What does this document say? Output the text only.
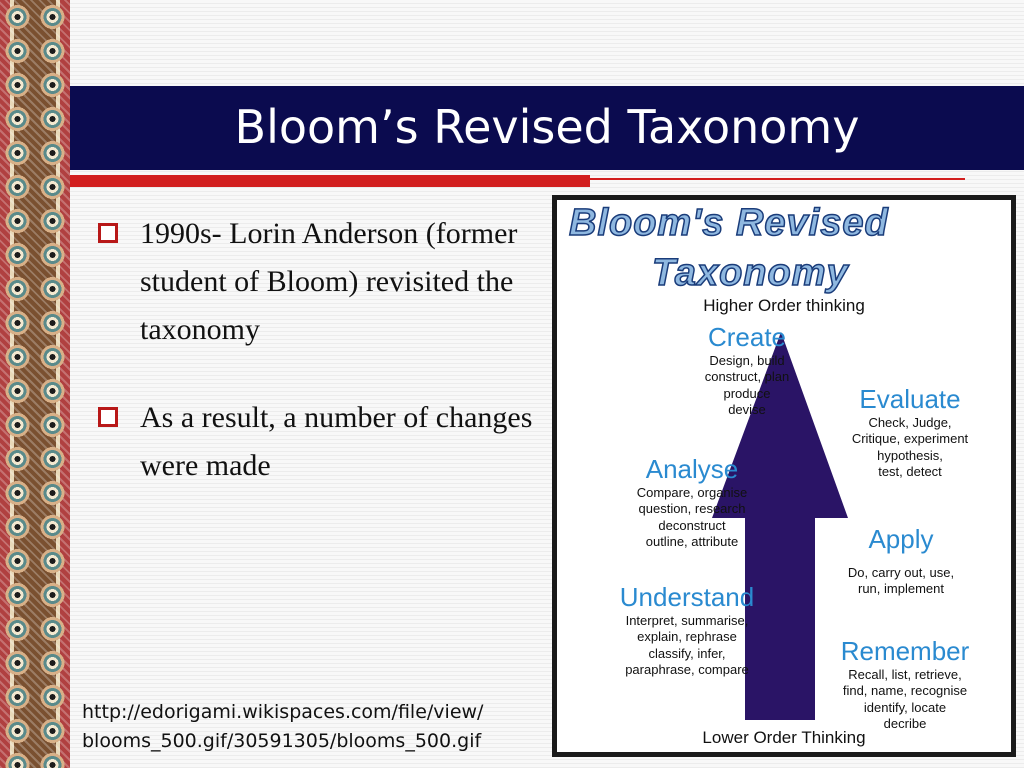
Bloom’s Revised Taxonomy
1990s- Lorin Anderson (former student of Bloom) revisited the taxonomy
As a result, a number of changes were made
http://edorigami.wikispaces.com/file/view/
blooms_500.gif/30591305/blooms_500.gif
Bloom's Revised
Taxonomy
Higher Order thinking
Create
Design, build
construct, plan
produce
devise	Evaluate
Check, Judge,
Critique, experiment
hypothesis,
test, detect
Analyse
Compare, organise
question, research
deconstruct
outline, attribute	Apply
Do, carry out, use,
run, implement
Understand
Interpret, summarise,
explain, rephrase
classify, infer,
paraphrase, compare
Remember
Recall, list, retrieve,
find, name, recognise
identify, locate
decribe
Lower Order Thinking
